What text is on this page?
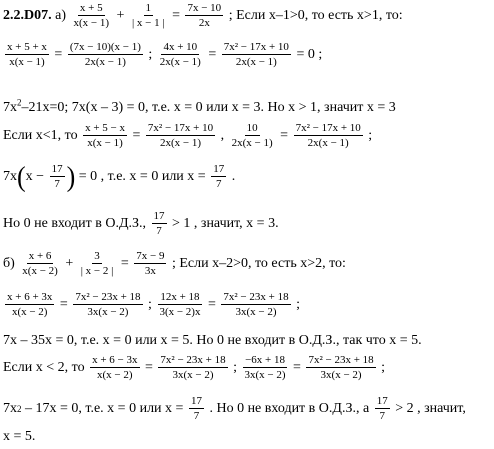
2.2.D07. $а) \frac{x + 5}{x(x - 1)} + \frac{1}{| x - 1 |} = \frac{7x - 10}{2x}$ ; Если x–1>0, то есть x>1, то:
$\frac{x + 5 + x}{x(x - 1)} = \frac{(7x - 10)(x - 1)}{2x(x - 1)}$ ; $\frac{4x + 10}{2x(x - 1)} = \frac{\text{7x² − 17x + 10}}{2x(x - 1)} = 0$ ;
$7x^2-21x=0$; 7x(x – 3) = 0, т.е. x = 0 или x = 3. Но x > 1, значит x = 3
Если x<1, то $\frac{x + 5 - x}{x(x - 1)} = \frac{\text{7x² − 17x + 10}}{2x(x - 1)}$ , $\frac{10}{2x(x - 1)} = \frac{\text{7x² − 17x + 10}}{2x(x - 1)}$ ;
$7x(x - \frac{17}{7}$ ) = 0 , т.е. x = 0 или $x = \frac{17}{7}$ .
Но 0 не входит в О.Д.З., $\frac{17}{7} > 1$ , значит, x = 3.
$б) \frac{x + 6}{x(x - 2)} + \frac{3}{| x - 2 |} = \frac{7x - 9}{3x}$ ; Если x–2>0, то есть x>2, то:
$\frac{x + 6 + 3x}{x(x - 2)} = \frac{\text{7x² − 23x + 18}}{3x(x - 2)}$ ; $\frac{12x + 18}{3(x - 2)x} = \frac{\text{7x² − 23x + 18}}{3x(x - 2)}$ ;
7x – 35x = 0, т.е. x = 0 или x = 5. Но 0 не входит в О.Д.З., так что x = 5.
Если x < 2, то $\frac{x + 6 - 3x}{x(x - 2)} = \frac{\text{7x² − 23x + 18}}{3x(x - 2)}$ ; $\frac{-6x + 18}{3x(x - 2)} = \frac{\text{7x² − 23x + 18}}{3x(x - 2)}$ ;
7x2 – 17x = 0, т.е. x = 0 или $x = \frac{17}{7}$ . Но 0 не входит в О.Д.З., а $\frac{17}{7} > 2$ , значит,
x = 5.
